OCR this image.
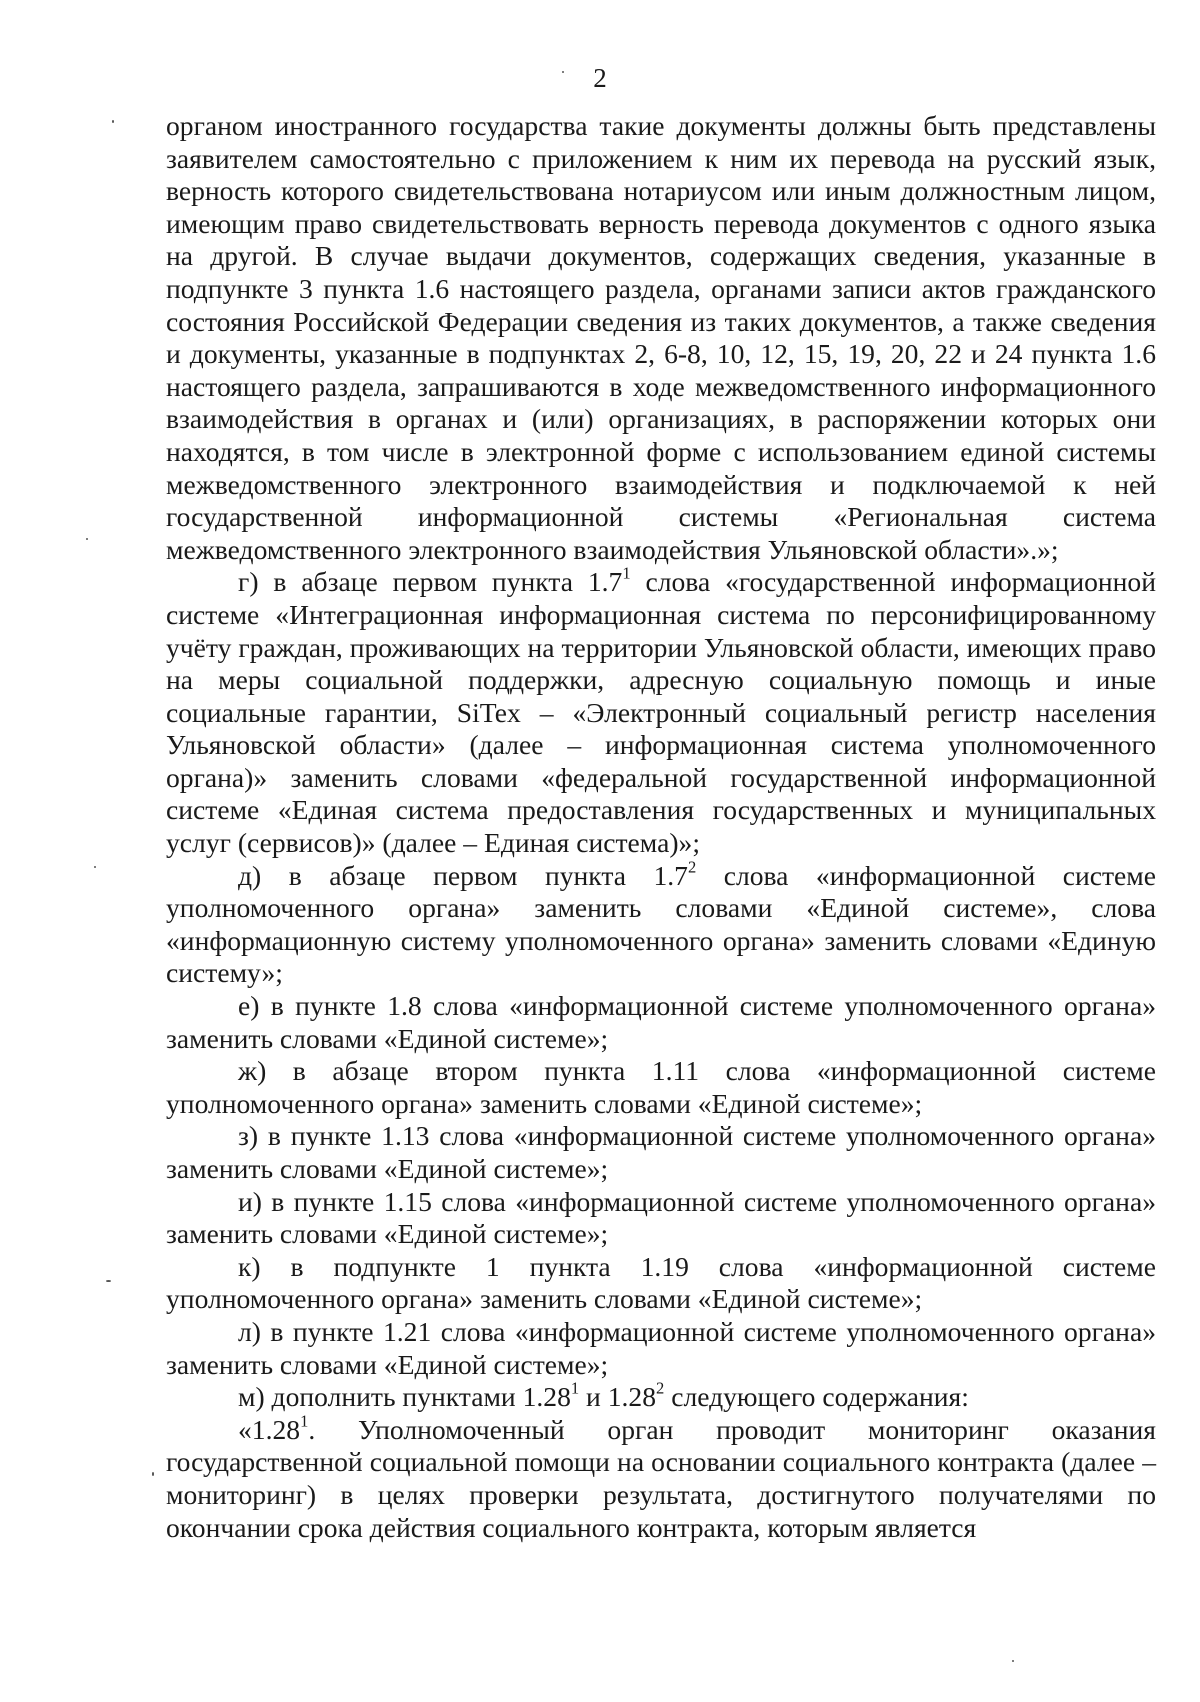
2

органом иностранного государства такие документы должны быть представлены заявителем самостоятельно с приложением к ним их перевода на русский язык, верность которого свидетельствована нотариусом или иным должностным лицом, имеющим право свидетельствовать верность перевода документов с одного языка на другой. В случае выдачи документов, содержащих сведения, указанные в подпункте 3 пункта 1.6 настоящего раздела, органами записи актов гражданского состояния Российской Федерации сведения из таких документов, а также сведения и документы, указанные в подпунктах 2, 6-8, 10, 12, 15, 19, 20, 22 и 24 пункта 1.6 настоящего раздела, запрашиваются в ходе межведомственного информационного взаимодействия в органах и (или) организациях, в распоряжении которых они находятся, в том числе в электронной форме с использованием единой системы межведомственного электронного взаимодействия и подключаемой к ней государственной информационной системы «Региональная система межведомственного электронного взаимодействия Ульяновской области».»;

г) в абзаце первом пункта $1.7^1$ слова «государственной информационной системе «Интеграционная информационная система по персонифицированному учёту граждан, проживающих на территории Ульяновской области, имеющих право на меры социальной поддержки, адресную социальную помощь и иные социальные гарантии, SiTex – «Электронный социальный регистр населения Ульяновской области» (далее – информационная система уполномоченного органа)» заменить словами «федеральной государственной информационной системе «Единая система предоставления государственных и муниципальных услуг (сервисов)» (далее – Единая система)»;

д) в абзаце первом пункта $1.7^2$ слова «информационной системе уполномоченного органа» заменить словами «Единой системе», слова «информационную систему уполномоченного органа» заменить словами «Единую систему»;

е) в пункте 1.8 слова «информационной системе уполномоченного органа» заменить словами «Единой системе»;

ж) в абзаце втором пункта 1.11 слова «информационной системе уполномоченного органа» заменить словами «Единой системе»;

з) в пункте 1.13 слова «информационной системе уполномоченного органа» заменить словами «Единой системе»;

и) в пункте 1.15 слова «информационной системе уполномоченного органа» заменить словами «Единой системе»;

к) в подпункте 1 пункта 1.19 слова «информационной системе уполномоченного органа» заменить словами «Единой системе»;

л) в пункте 1.21 слова «информационной системе уполномоченного органа» заменить словами «Единой системе»;

м) дополнить пунктами 1.28$^1$ и 1.28$^2$ следующего содержания:

«1.28$^1$. Уполномоченный орган проводит мониторинг оказания государственной социальной помощи на основании социального контракта (далее – мониторинг) в целях проверки результата, достигнутого получателями по окончании срока действия социального контракта, которым является
